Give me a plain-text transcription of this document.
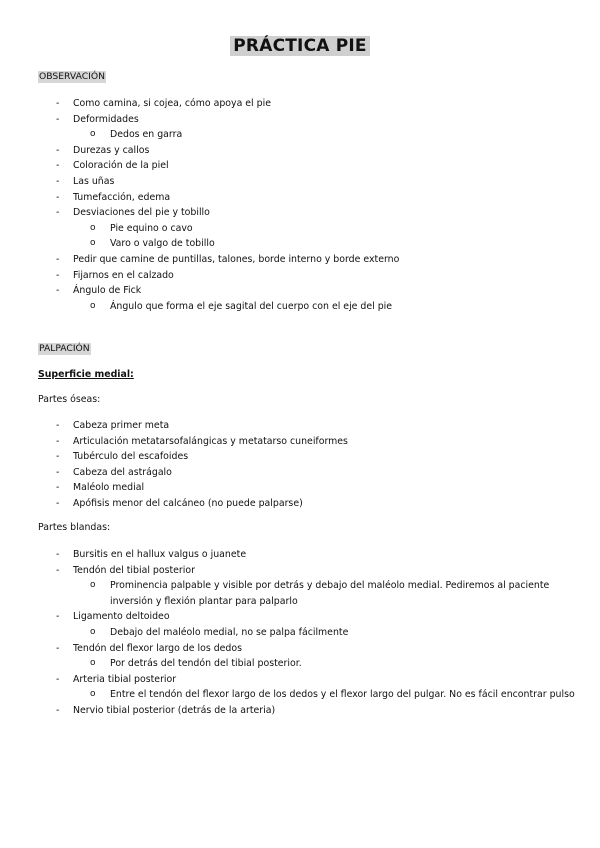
PRÁCTICA PIE
OBSERVACIÓN
- Como camina, si cojea, cómo apoya el pie
- Deformidades
o Dedos en garra
- Durezas y callos
- Coloración de la piel
- Las uñas
- Tumefacción, edema
- Desviaciones del pie y tobillo
o Pie equino o cavo
o Varo o valgo de tobillo
- Pedir que camine de puntillas, talones, borde interno y borde externo
- Fijarnos en el calzado
- Ángulo de Fick
o Ángulo que forma el eje sagital del cuerpo con el eje del pie
PALPACIÓN
Superficie medial:
Partes óseas:
- Cabeza primer meta
- Articulación metatarsofalángicas y metatarso cuneiformes
- Tubérculo del escafoides
- Cabeza del astrágalo
- Maléolo medial
- Apófisis menor del calcáneo (no puede palparse)
Partes blandas:
- Bursitis en el hallux valgus o juanete
- Tendón del tibial posterior
o Prominencia palpable y visible por detrás y debajo del maléolo medial. Pediremos al paciente inversión y flexión plantar para palparlo
- Ligamento deltoideo
o Debajo del maléolo medial, no se palpa fácilmente
- Tendón del flexor largo de los dedos
o Por detrás del tendón del tibial posterior.
- Arteria tibial posterior
o Entre el tendón del flexor largo de los dedos y el flexor largo del pulgar. No es fácil encontrar pulso
- Nervio tibial posterior (detrás de la arteria)
